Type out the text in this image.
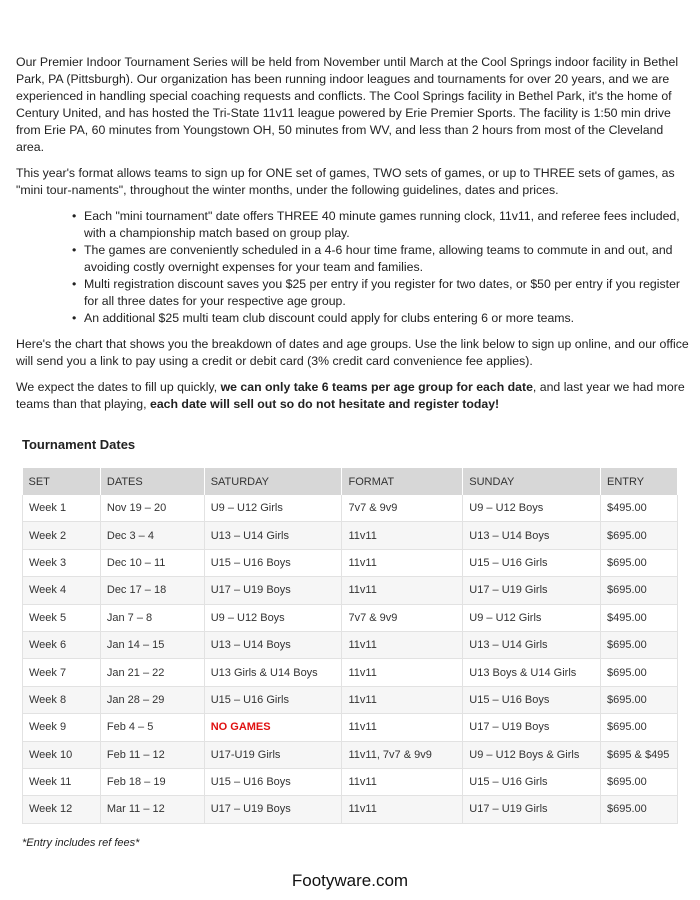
Our Premier Indoor Tournament Series will be held from November until March at the Cool Springs indoor facility in Bethel Park, PA (Pittsburgh). Our organization has been running indoor leagues and tournaments for over 20 years, and we are experienced in handling special coaching requests and conflicts. The Cool Springs facility in Bethel Park, it's the home of Century United, and has hosted the Tri-State 11v11 league powered by Erie Premier Sports. The facility is 1:50 min drive from Erie PA, 60 minutes from Youngstown OH, 50 minutes from WV, and less than 2 hours from most of the Cleveland area.

This year's format allows teams to sign up for ONE set of games, TWO sets of games, or up to THREE sets of games, as "mini tour-naments", throughout the winter months, under the following guidelines, dates and prices.

• Each "mini tournament" date offers THREE 40 minute games running clock, 11v11, and referee fees included, with a championship match based on group play.
• The games are conveniently scheduled in a 4-6 hour time frame, allowing teams to commute in and out, and avoiding costly overnight expenses for your team and families.
• Multi registration discount saves you $25 per entry if you register for two dates, or $50 per entry if you register for all three dates for your respective age group.
• An additional $25 multi team club discount could apply for clubs entering 6 or more teams.

Here's the chart that shows you the breakdown of dates and age groups. Use the link below to sign up online, and our office will send you a link to pay using a credit or debit card (3% credit card convenience fee applies).

We expect the dates to fill up quickly, we can only take 6 teams per age group for each date, and last year we had more teams than that playing, each date will sell out so do not hesitate and register today!

Tournament Dates
SET	DATES	SATURDAY	FORMAT	SUNDAY	ENTRY
Week 1	Nov 19 – 20	U9 – U12 Girls	7v7 & 9v9	U9 – U12 Boys	$495.00
Week 2	Dec 3 – 4	U13 – U14 Girls	11v11	U13 – U14 Boys	$695.00
Week 3	Dec 10 – 11	U15 – U16 Boys	11v11	U15 – U16 Girls	$695.00
Week 4	Dec 17 – 18	U17 – U19 Boys	11v11	U17 – U19 Girls	$695.00
Week 5	Jan 7 – 8	U9 – U12 Boys	7v7 & 9v9	U9 – U12 Girls	$495.00
Week 6	Jan 14 – 15	U13 – U14 Boys	11v11	U13 – U14 Girls	$695.00
Week 7	Jan 21 – 22	U13 Girls & U14 Boys	11v11	U13 Boys & U14 Girls	$695.00
Week 8	Jan 28 – 29	U15 – U16 Girls	11v11	U15 – U16 Boys	$695.00
Week 9	Feb 4 – 5	NO GAMES	11v11	U17 – U19 Boys	$695.00
Week 10	Feb 11 – 12	U17-U19 Girls	11v11, 7v7 & 9v9	U9 – U12 Boys & Girls	$695 & $495
Week 11	Feb 18 – 19	U15 – U16 Boys	11v11	U15 – U16 Girls	$695.00
Week 12	Mar 11 – 12	U17 – U19 Boys	11v11	U17 – U19 Girls	$695.00
*Entry includes ref fees*
Footyware.com
